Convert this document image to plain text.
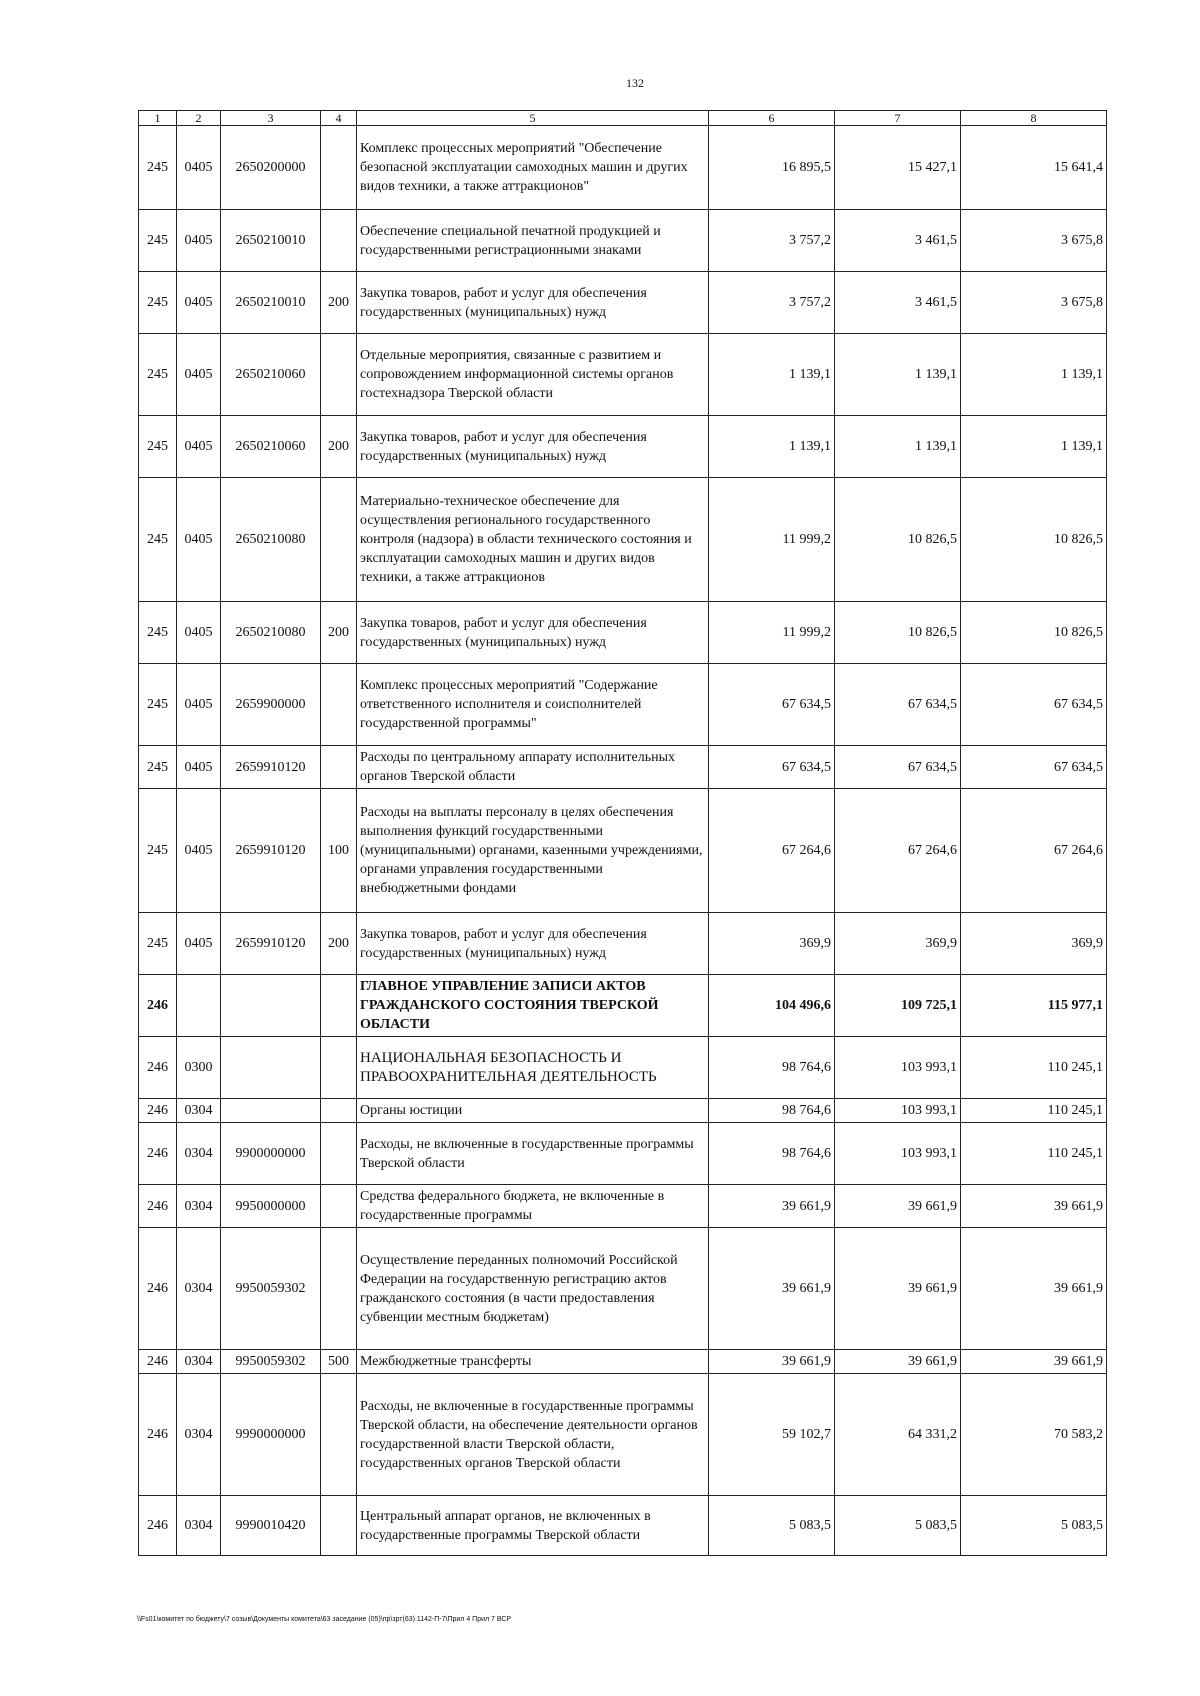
132
1	2	3	4	5	6	7	8
245	0405	2650200000		Комплекс процессных мероприятий "Обеспечение безопасной эксплуатации самоходных машин и других видов техники, а также аттракционов"	16 895,5	15 427,1	15 641,4
245	0405	2650210010		Обеспечение специальной печатной продукцией и государственными регистрационными знаками	3 757,2	3 461,5	3 675,8
245	0405	2650210010	200	Закупка товаров, работ и услуг для обеспечения государственных (муниципальных) нужд	3 757,2	3 461,5	3 675,8
245	0405	2650210060		Отдельные мероприятия, связанные с развитием и сопровождением информационной системы органов гостехнадзора Тверской области	1 139,1	1 139,1	1 139,1
245	0405	2650210060	200	Закупка товаров, работ и услуг для обеспечения государственных (муниципальных) нужд	1 139,1	1 139,1	1 139,1
245	0405	2650210080		Материально-техническое обеспечение для осуществления регионального государственного контроля (надзора) в области технического состояния и эксплуатации самоходных машин и других видов техники, а также аттракционов	11 999,2	10 826,5	10 826,5
245	0405	2650210080	200	Закупка товаров, работ и услуг для обеспечения государственных (муниципальных) нужд	11 999,2	10 826,5	10 826,5
245	0405	2659900000		Комплекс процессных мероприятий "Содержание ответственного исполнителя и соисполнителей государственной программы"	67 634,5	67 634,5	67 634,5
245	0405	2659910120		Расходы по центральному аппарату исполнительных органов Тверской области	67 634,5	67 634,5	67 634,5
245	0405	2659910120	100	Расходы на выплаты персоналу в целях обеспечения выполнения функций государственными (муниципальными) органами, казенными учреждениями, органами управления государственными внебюджетными фондами	67 264,6	67 264,6	67 264,6
245	0405	2659910120	200	Закупка товаров, работ и услуг для обеспечения государственных (муниципальных) нужд	369,9	369,9	369,9
246				ГЛАВНОЕ УПРАВЛЕНИЕ ЗАПИСИ АКТОВ ГРАЖДАНСКОГО СОСТОЯНИЯ ТВЕРСКОЙ ОБЛАСТИ	104 496,6	109 725,1	115 977,1
246	0300			НАЦИОНАЛЬНАЯ БЕЗОПАСНОСТЬ И ПРАВООХРАНИТЕЛЬНАЯ ДЕЯТЕЛЬНОСТЬ	98 764,6	103 993,1	110 245,1
246	0304			Органы юстиции	98 764,6	103 993,1	110 245,1
246	0304	9900000000		Расходы, не включенные в государственные программы Тверской области	98 764,6	103 993,1	110 245,1
246	0304	9950000000		Средства федерального бюджета, не включенные в государственные программы	39 661,9	39 661,9	39 661,9
246	0304	9950059302		Осуществление переданных полномочий Российской Федерации на государственную регистрацию актов гражданского состояния (в части предоставления субвенции местным бюджетам)	39 661,9	39 661,9	39 661,9
246	0304	9950059302	500	Межбюджетные трансферты	39 661,9	39 661,9	39 661,9
246	0304	9990000000		Расходы, не включенные в государственные программы Тверской области, на обеспечение деятельности органов государственной власти Тверской области, государственных органов Тверской области	59 102,7	64 331,2	70 583,2
246	0304	9990010420		Центральный аппарат органов, не включенных в государственные программы Тверской области	5 083,5	5 083,5	5 083,5
\\Fs01\комитет по бюджету\7 созыв\Документы комитета\63 заседание (05)\пр\зрт(63) 1142-П-7\Прил 4 Прил 7 ВСР
